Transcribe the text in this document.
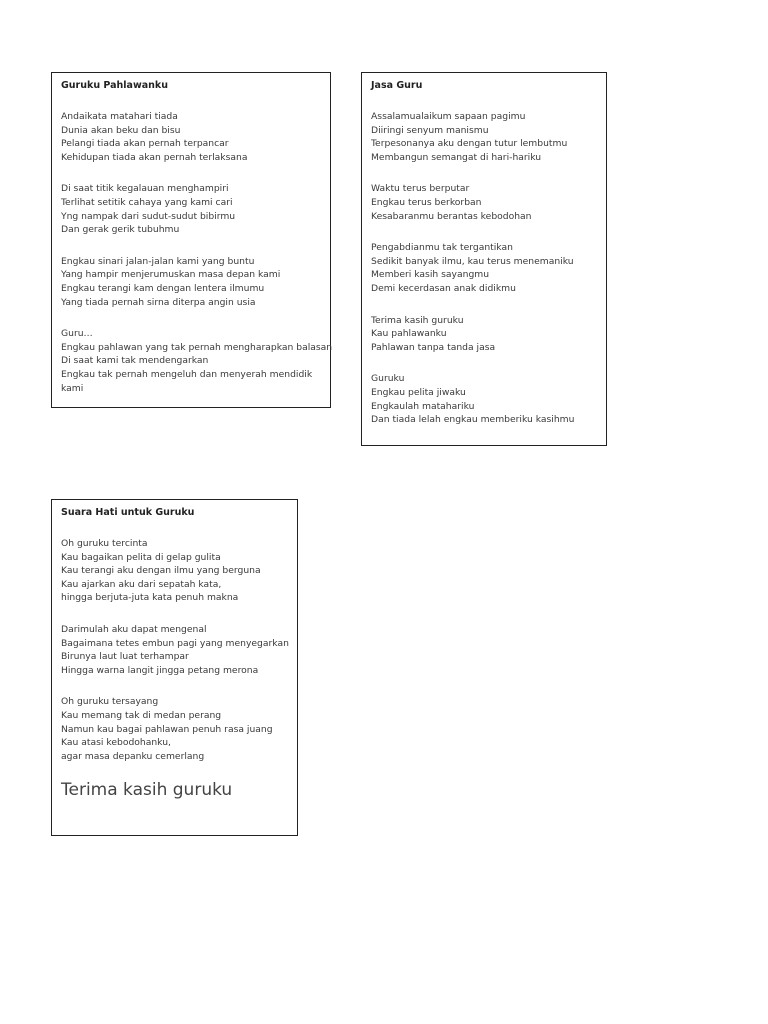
Guruku Pahlawanku
Andaikata matahari tiada
Dunia akan beku dan bisu
Pelangi tiada akan pernah terpancar
Kehidupan tiada akan pernah terlaksana
Di saat titik kegalauan menghampiri
Terlihat setitik cahaya yang kami cari
Yng nampak dari sudut-sudut bibirmu
Dan gerak gerik tubuhmu
Engkau sinari jalan-jalan kami yang buntu
Yang hampir menjerumuskan masa depan kami
Engkau terangi kam dengan lentera ilmumu
Yang tiada pernah sirna diterpa angin usia
Guru…
Engkau pahlawan yang tak pernah mengharapkan balasan
Di saat kami tak mendengarkan
Engkau tak pernah mengeluh dan menyerah mendidik kami
Jasa Guru
Assalamualaikum sapaan pagimu
Diiringi senyum manismu
Terpesonanya aku dengan tutur lembutmu
Membangun semangat di hari-hariku
Waktu terus berputar
Engkau terus berkorban
Kesabaranmu berantas kebodohan
Pengabdianmu tak tergantikan
Sedikit banyak ilmu, kau terus menemaniku
Memberi kasih sayangmu
Demi kecerdasan anak didikmu
Terima kasih guruku
Kau pahlawanku
Pahlawan tanpa tanda jasa
Guruku
Engkau pelita jiwaku
Engkaulah matahariku
Dan tiada lelah engkau memberiku kasihmu
Suara Hati untuk Guruku
Oh guruku tercinta
Kau bagaikan pelita di gelap gulita
Kau terangi aku dengan ilmu yang berguna
Kau ajarkan aku dari sepatah kata,
hingga berjuta-juta kata penuh makna
Darimulah aku dapat mengenal
Bagaimana tetes embun pagi yang menyegarkan
Birunya laut luat terhampar
Hingga warna langit jingga petang merona
Oh guruku tersayang
Kau memang tak di medan perang
Namun kau bagai pahlawan penuh rasa juang
Kau atasi kebodohanku,
agar masa depanku cemerlang
Terima kasih guruku
